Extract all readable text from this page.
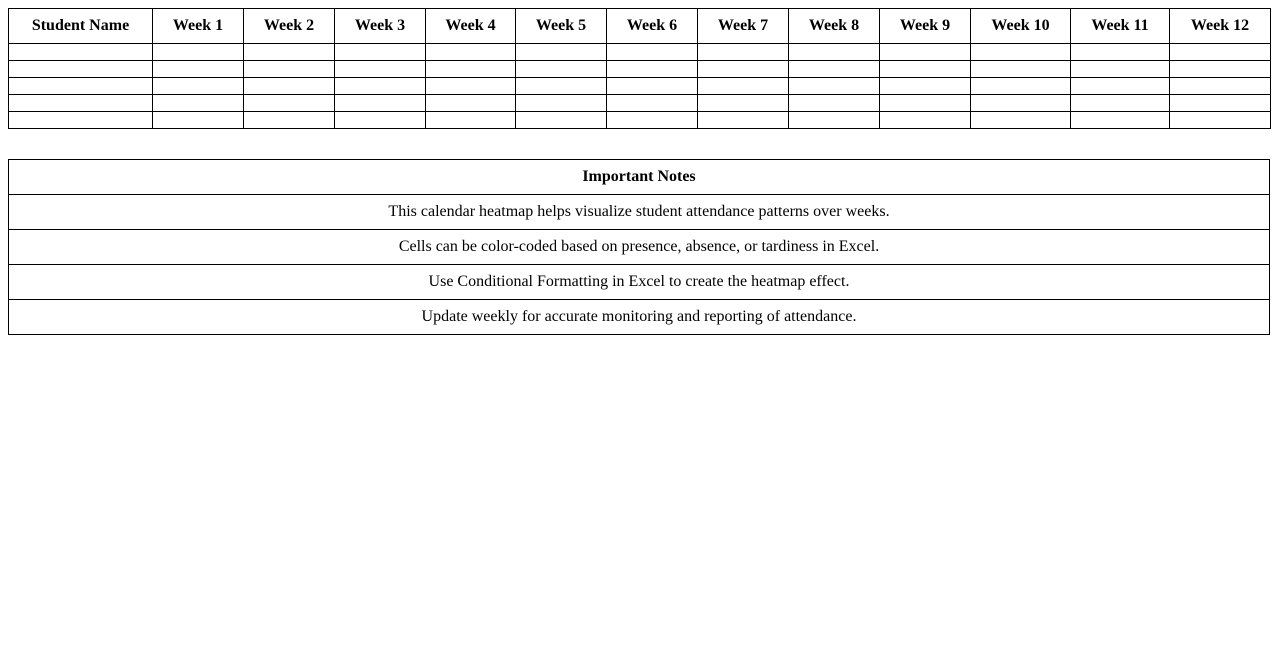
Student Name	Week 1	Week 2	Week 3	Week 4	Week 5	Week 6	Week 7	Week 8	Week 9	Week 10	Week 11	Week 12

Important Notes
This calendar heatmap helps visualize student attendance patterns over weeks.
Cells can be color-coded based on presence, absence, or tardiness in Excel.
Use Conditional Formatting in Excel to create the heatmap effect.
Update weekly for accurate monitoring and reporting of attendance.
